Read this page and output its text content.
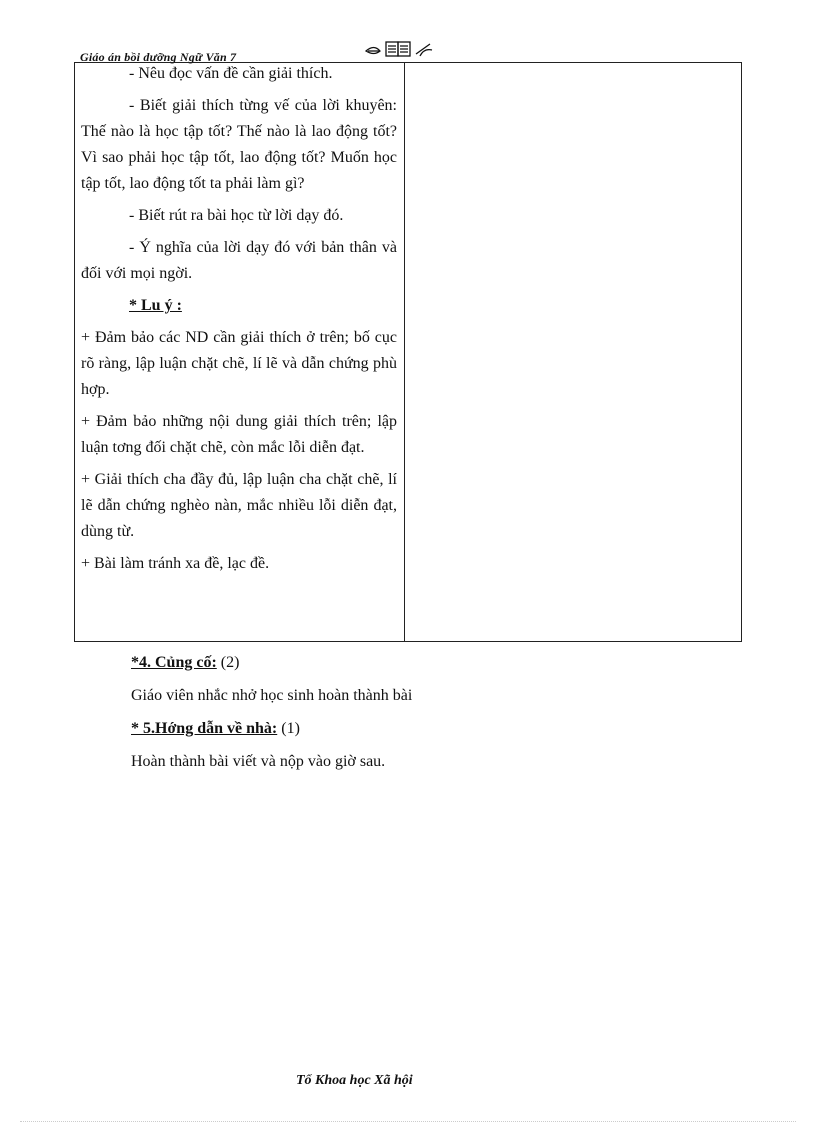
Giáo án bồi dưỡng Ngữ Văn 7

- Nêu đọc vấn đề cần giải thích.

- Biết giải thích từng vế của lời khuyên: Thế nào là học tập tốt? Thế nào là lao động tốt? Vì sao phải học tập tốt, lao động tốt? Muốn học tập tốt, lao động tốt ta phải làm gì?

- Biết rút ra bài học từ lời dạy đó.

- Ý nghĩa của lời dạy đó với bản thân và đối với mọi ngời.

* Lu ý :

+ Đảm bảo các ND cần giải thích ở trên; bố cục rõ ràng, lập luận chặt chẽ, lí lẽ và dẫn chứng phù hợp.

+ Đảm bảo những nội dung giải thích trên; lập luận tơng đối chặt chẽ, còn mắc lỗi diễn đạt.

+ Giải thích cha đầy đủ, lập luận cha chặt chẽ, lí lẽ dẫn chứng nghèo nàn, mắc nhiều lỗi diễn đạt, dùng từ.

+ Bài làm tránh xa đề, lạc đề.

*4. Củng cố: (2)

Giáo viên nhắc nhở học sinh hoàn thành bài

* 5.Hớng dẫn về nhà: (1)

Hoàn thành bài viết và nộp vào giờ sau.

Tổ Khoa học Xã hội
